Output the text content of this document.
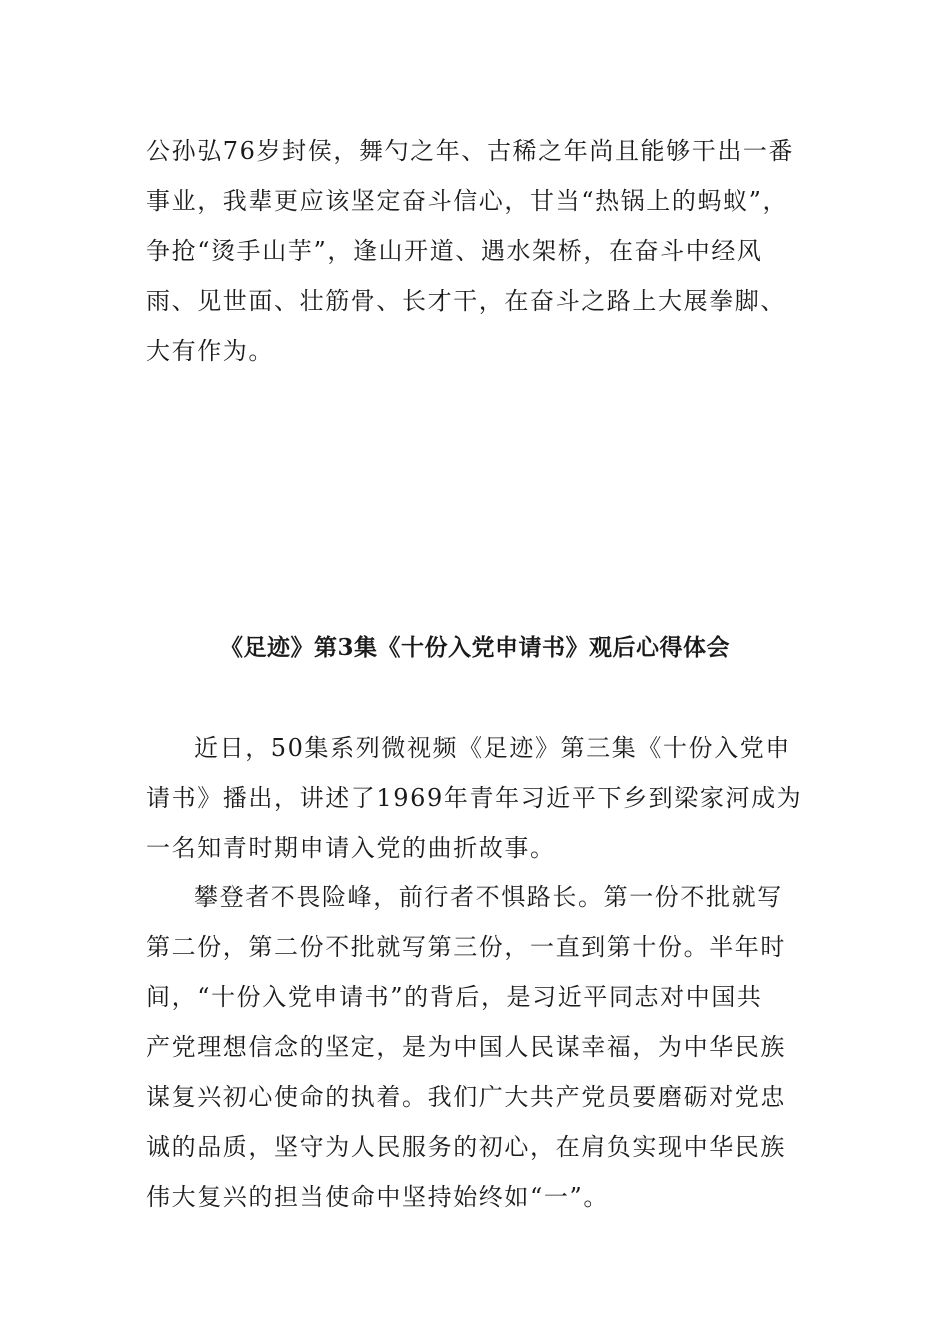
公孙弘76岁封侯，舞勺之年、古稀之年尚且能够干出一番
事业，我辈更应该坚定奋斗信心，甘当“热锅上的蚂蚁”，
争抢“烫手山芋”，逢山开道、遇水架桥，在奋斗中经风
雨、见世面、壮筋骨、长才干，在奋斗之路上大展拳脚、
大有作为。
《足迹》第3集《十份入党申请书》观后心得体会
近日，50集系列微视频《足迹》第三集《十份入党申
请书》播出，讲述了1969年青年习近平下乡到梁家河成为
一名知青时期申请入党的曲折故事。
攀登者不畏险峰，前行者不惧路长。第一份不批就写
第二份，第二份不批就写第三份，一直到第十份。半年时
间，“十份入党申请书”的背后，是习近平同志对中国共
产党理想信念的坚定，是为中国人民谋幸福，为中华民族
谋复兴初心使命的执着。我们广大共产党员要磨砺对党忠
诚的品质，坚守为人民服务的初心，在肩负实现中华民族
伟大复兴的担当使命中坚持始终如“一”。
